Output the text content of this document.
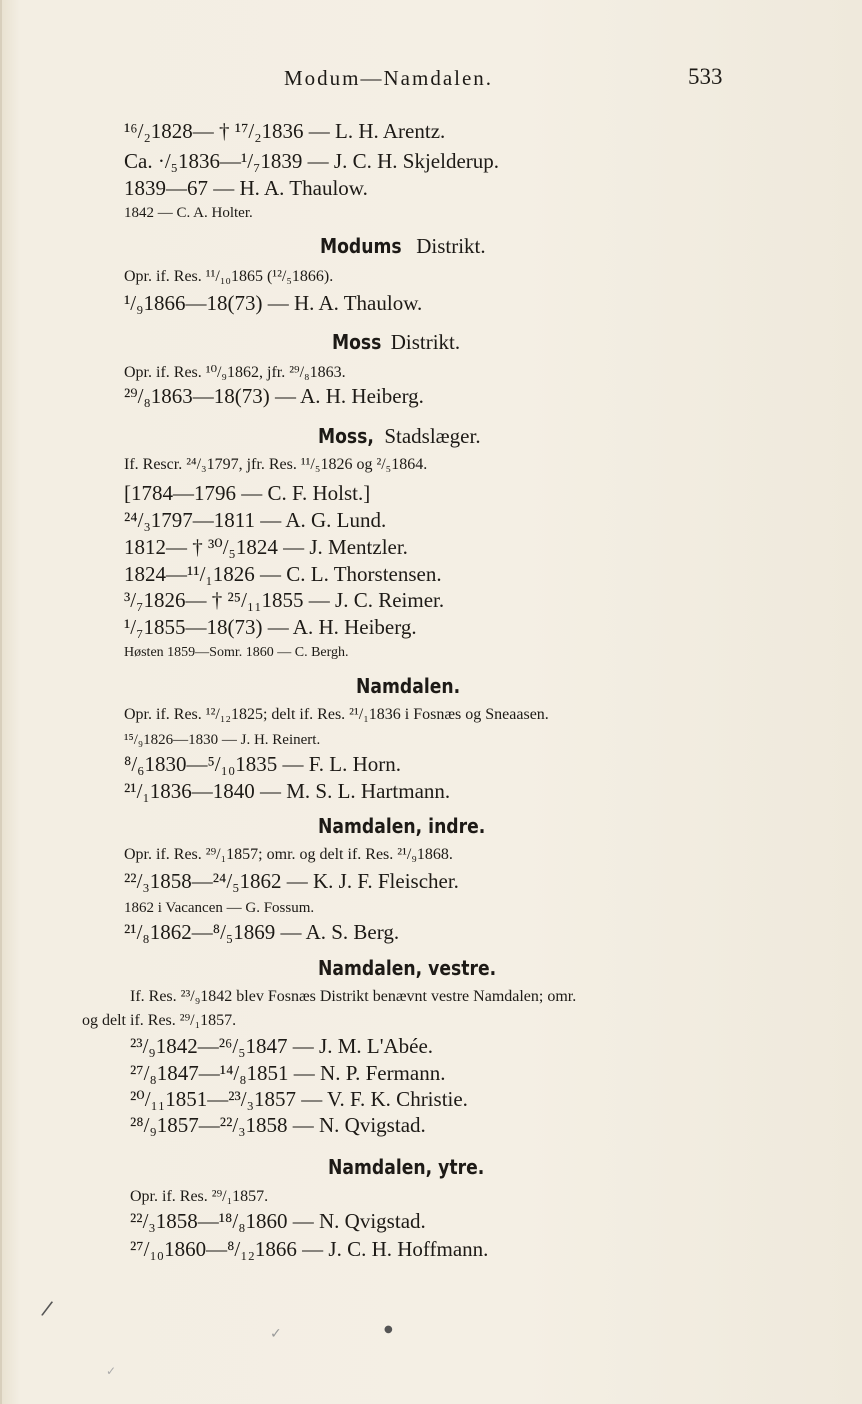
Modum—Namdalen.	533
¹⁶/₂1828— † ¹⁷/₂1836 — L. H. Arentz.
Ca. ·/₅1836—¹/₇1839 — J. C. H. Skjelderup.
1839—67 — H. A. Thaulow.
1842 — C. A. Holter.
Modums Distrikt.
Opr. if. Res. ¹¹/₁₀1865 (¹²/₅1866).
¹/₉1866—18(73) — H. A. Thaulow.
Moss Distrikt.
Opr. if. Res. ¹⁰/₉1862, jfr. ²⁹/₈1863.
²⁹/₈1863—18(73) — A. H. Heiberg.
Moss, Stadslæger.
If. Rescr. ²⁴/₃1797, jfr. Res. ¹¹/₅1826 og ²/₅1864.
[1784—1796 — C. F. Holst.]
²⁴/₃1797—1811 — A. G. Lund.
1812— † ³⁰/₅1824 — J. Mentzler.
1824—¹¹/₁1826 — C. L. Thorstensen.
³/₇1826— † ²⁵/₁₁1855 — J. C. Reimer.
¹/₇1855—18(73) — A. H. Heiberg.
Høsten 1859—Somr. 1860 — C. Bergh.
Namdalen.
Opr. if. Res. ¹²/₁₂1825; delt if. Res. ²¹/₁1836 i Fosnæs og Sneaasen.
¹⁵/₉1826—1830 — J. H. Reinert.
⁸/₆1830—⁵/₁₀1835 — F. L. Horn.
²¹/₁1836—1840 — M. S. L. Hartmann.
Namdalen, indre.
Opr. if. Res. ²⁹/₁1857; omr. og delt if. Res. ²¹/₉1868.
²²/₃1858—²⁴/₅1862 — K. J. F. Fleischer.
1862 i Vacancen — G. Fossum.
²¹/₈1862—⁸/₅1869 — A. S. Berg.
Namdalen, vestre.
If. Res. ²³/₉1842 blev Fosnæs Distrikt benævnt vestre Namdalen; omr.
og delt if. Res. ²⁹/₁1857.
²³/₉1842—²⁶/₅1847 — J. M. L'Abée.
²⁷/₈1847—¹⁴/₈1851 — N. P. Fermann.
²⁰/₁₁1851—²³/₃1857 — V. F. K. Christie.
²⁸/₉1857—²²/₃1858 — N. Qvigstad.
Namdalen, ytre.
Opr. if. Res. ²⁹/₁1857.
²²/₃1858—¹⁸/₈1860 — N. Qvigstad.
²⁷/₁₀1860—⁸/₁₂1866 — J. C. H. Hoffmann.
/
✓	●
✓
